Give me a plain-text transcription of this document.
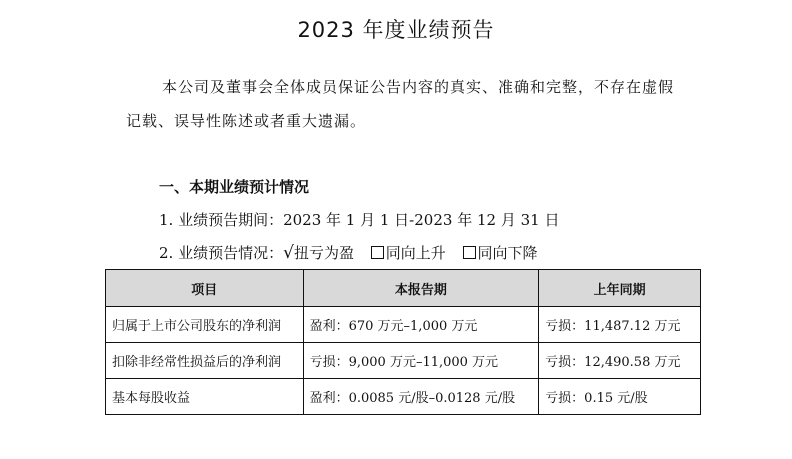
2023 年度业绩预告
本公司及董事会全体成员保证公告内容的真实、准确和完整，不存在虚假
记载、误导性陈述或者重大遗漏。
一、本期业绩预计情况
1. 业绩预告期间：2023 年 1 月 1 日-2023 年 12 月 31 日
2. 业绩预告情况：√扭亏为盈 同向上升 同向下降
项目	本报告期	上年同期
归属于上市公司股东的净利润	盈利：670 万元–1,000 万元	亏损：11,487.12 万元
扣除非经常性损益后的净利润	亏损：9,000 万元–11,000 万元	亏损：12,490.58 万元
基本每股收益	盈利：0.0085 元/股–0.0128 元/股	亏损：0.15 元/股
